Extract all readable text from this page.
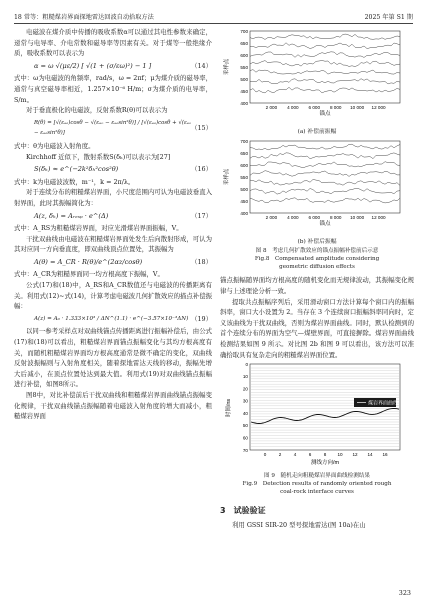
18 常等：粗糙煤岩界面探地雷达回波自动拾取方法	2025 年第 S1 期

电磁波在煤介质中传播的吸收系数α可以通过其电性参数来确定，递常与电导率、介电常数和磁导率等因素有关。对于煤等一般绝缘介质，吸收系数可以表示为

α = ω √(με/2) [ √(1 + (σ/εω)²) − 1 ]	（14）

式中：ω为电磁波的角频率，rad/s，ω = 2πf；μ为煤介质的磁导率，通常与真空磁导率相近，1.257×10⁻⁶ H/m；σ为煤介质的电导率，S/m。

对于垂直极化的电磁波，反射系数R(θ)可以表示为

R(θ) = [√(εₑₐ)cosθ − √(εₑₒ − εₑₐsin²θ)] / [√(εₑₐ)cosθ + √(εₑₒ − εₑₐsin²θ)]
（15）

式中：θ为电磁波入射角度。

Kirchhoff 近似下，散射系数S(δₕ)可以表示为[27]

S(δₕ) ≈ e^(−2k²δₕ²cos²θ)	（16）

式中：k为电磁波波数，m⁻¹，k = 2π/λ。

对于连续分布的粗糙煤岩界面，小尺度范围内可认为电磁波垂直入射界面，此时其振幅简化为：

A(z, δₕ) = Aᵣₑₓₚ · e^(Δ)	（17）

式中：A_RS为粗糙煤岩界面，对应光滑煤岩界面振幅，V。

干扰双曲线由电磁波在粗糙煤岩界面处发生后向散射形成，可认为其对应同一方向垂直度，即双曲线顶点位置处，其振幅为

A(θ) = A_CR · R(θ)/e^(2αz/cosθ)	（18）

式中：A_CR为粗糙界面同一均方根高度下振幅，V。

公式(17)和(18)中，A_RS和A_CR数值还与电磁波的传播距离有关。利用式(12)~式(14)，计算考虑电磁波几何扩散效应的描点补偿振幅：

A(z) = A₀ · 1.333×10³ / ΔN^(1.1) · e^(−3.57×10⁻³ΔN) （19）

以同一参考采样点对双曲线锚点传播距离进行振幅补偿后，由公式(17)和(18)可以看出，粗糙煤岩界面锚点振幅变化与其均方根高度有关，而随机粗糙煤岩界面均方根高度通常是微不确定的变化，双曲线反射波振幅则与入射角度相关，随着探地雷达天线的移动，振幅先增大后减小，在顶点位置处达到最大值。利用式(19)对双曲线锚点振幅进行补偿，如图8所示。

图8中，对比补偿前后干扰双曲线和粗糙煤岩界面曲线锚点振幅变化规律，干扰双曲线锚点振幅随着电磁波入射角度的增大而减小，粗糙煤岩界面

700
650
600
550
500
450
400
2 000 4 000 6 000 8 000 10 000 12 000
采样点
锚点

(a) 补偿前振幅

700
650
600
550
500
450
400
2 000 4 000 6 000 8 000 10 000 12 000
采样点
锚点

(b) 补偿后振幅

图 8　考虑几何扩散效应的锚点振幅补偿前后示意

Fig.8　Compensated amplitude considering

geometric diffusion effects

锚点振幅随界面均方根高度的随机变化而无规律波动，其振幅变化规律与上述理论分析一致。

提取共点振幅序列后，采用滑动窗口方法计算每个窗口内的振幅斜率，窗口大小设置为 2。当存在 3 个连续窗口振幅斜率同向时，定义该曲线为干扰双曲线，否则为煤岩界面曲线。同时，默认检测到的首个连续分布的界面为空气—煤壁界面，可直接摒除。煤岩界面曲线检测结果如图 9 所示。对比图 2b 和图 9 可以看出，该方法可以准确拾取具有复杂走向的粗糙煤岩界面位置。

0
10
20
30
40
50
60
70
0	2	4	6	8 10 12 14 16
时间/ns
测线方向/m
煤岩界面曲线

图 9　随机走向粗糙煤岩界面曲线检测结果

Fig.9　Detection results of randomly oriented rough

coal-rock interface curves

3　试验验证

利用 GSSI SIR-20 型号探地雷达(图 10a)在山

323
